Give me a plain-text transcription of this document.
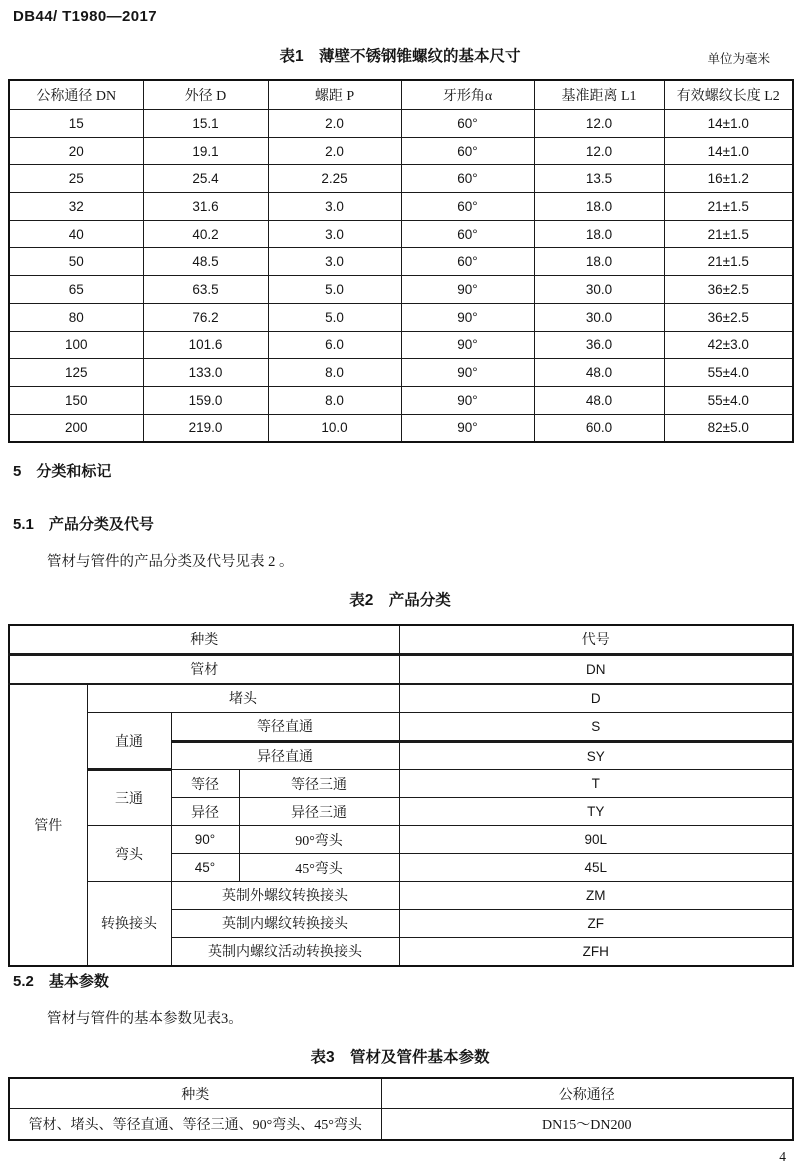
DB44/ T1980—2017
表1　薄壁不锈钢锥螺纹的基本尺寸	单位为毫米
公称通径 DN	外径 D	螺距 P	牙形角α	基准距离 L1	有效螺纹长度 L2
15	15.1	2.0	60°	12.0	14±1.0
20	19.1	2.0	60°	12.0	14±1.0
25	25.4	2.25	60°	13.5	16±1.2
32	31.6	3.0	60°	18.0	21±1.5
40	40.2	3.0	60°	18.0	21±1.5
50	48.5	3.0	60°	18.0	21±1.5
65	63.5	5.0	90°	30.0	36±2.5
80	76.2	5.0	90°	30.0	36±2.5
100	101.6	6.0	90°	36.0	42±3.0
125	133.0	8.0	90°	48.0	55±4.0
150	159.0	8.0	90°	48.0	55±4.0
200	219.0	10.0	90°	60.0	82±5.0
5　分类和标记
5.1　产品分类及代号
管材与管件的产品分类及代号见表 2 。
表2　产品分类
种类				代号
管材				DN
管件	堵头			D
	直通	等径直通		S
		异径直通		SY
	三通	等径	等径三通	T
		异径	异径三通	TY
	弯头	90°	90°弯头	90L
		45°	45°弯头	45L
	转换接头	英制外螺纹转换接头		ZM
		英制内螺纹转换接头		ZF
		英制内螺纹活动转换接头		ZFH
5.2　基本参数
管材与管件的基本参数见表3。
表3　管材及管件基本参数
种类	公称通径
管材、堵头、等径直通、等径三通、90°弯头、45°弯头	DN15～DN200
4
